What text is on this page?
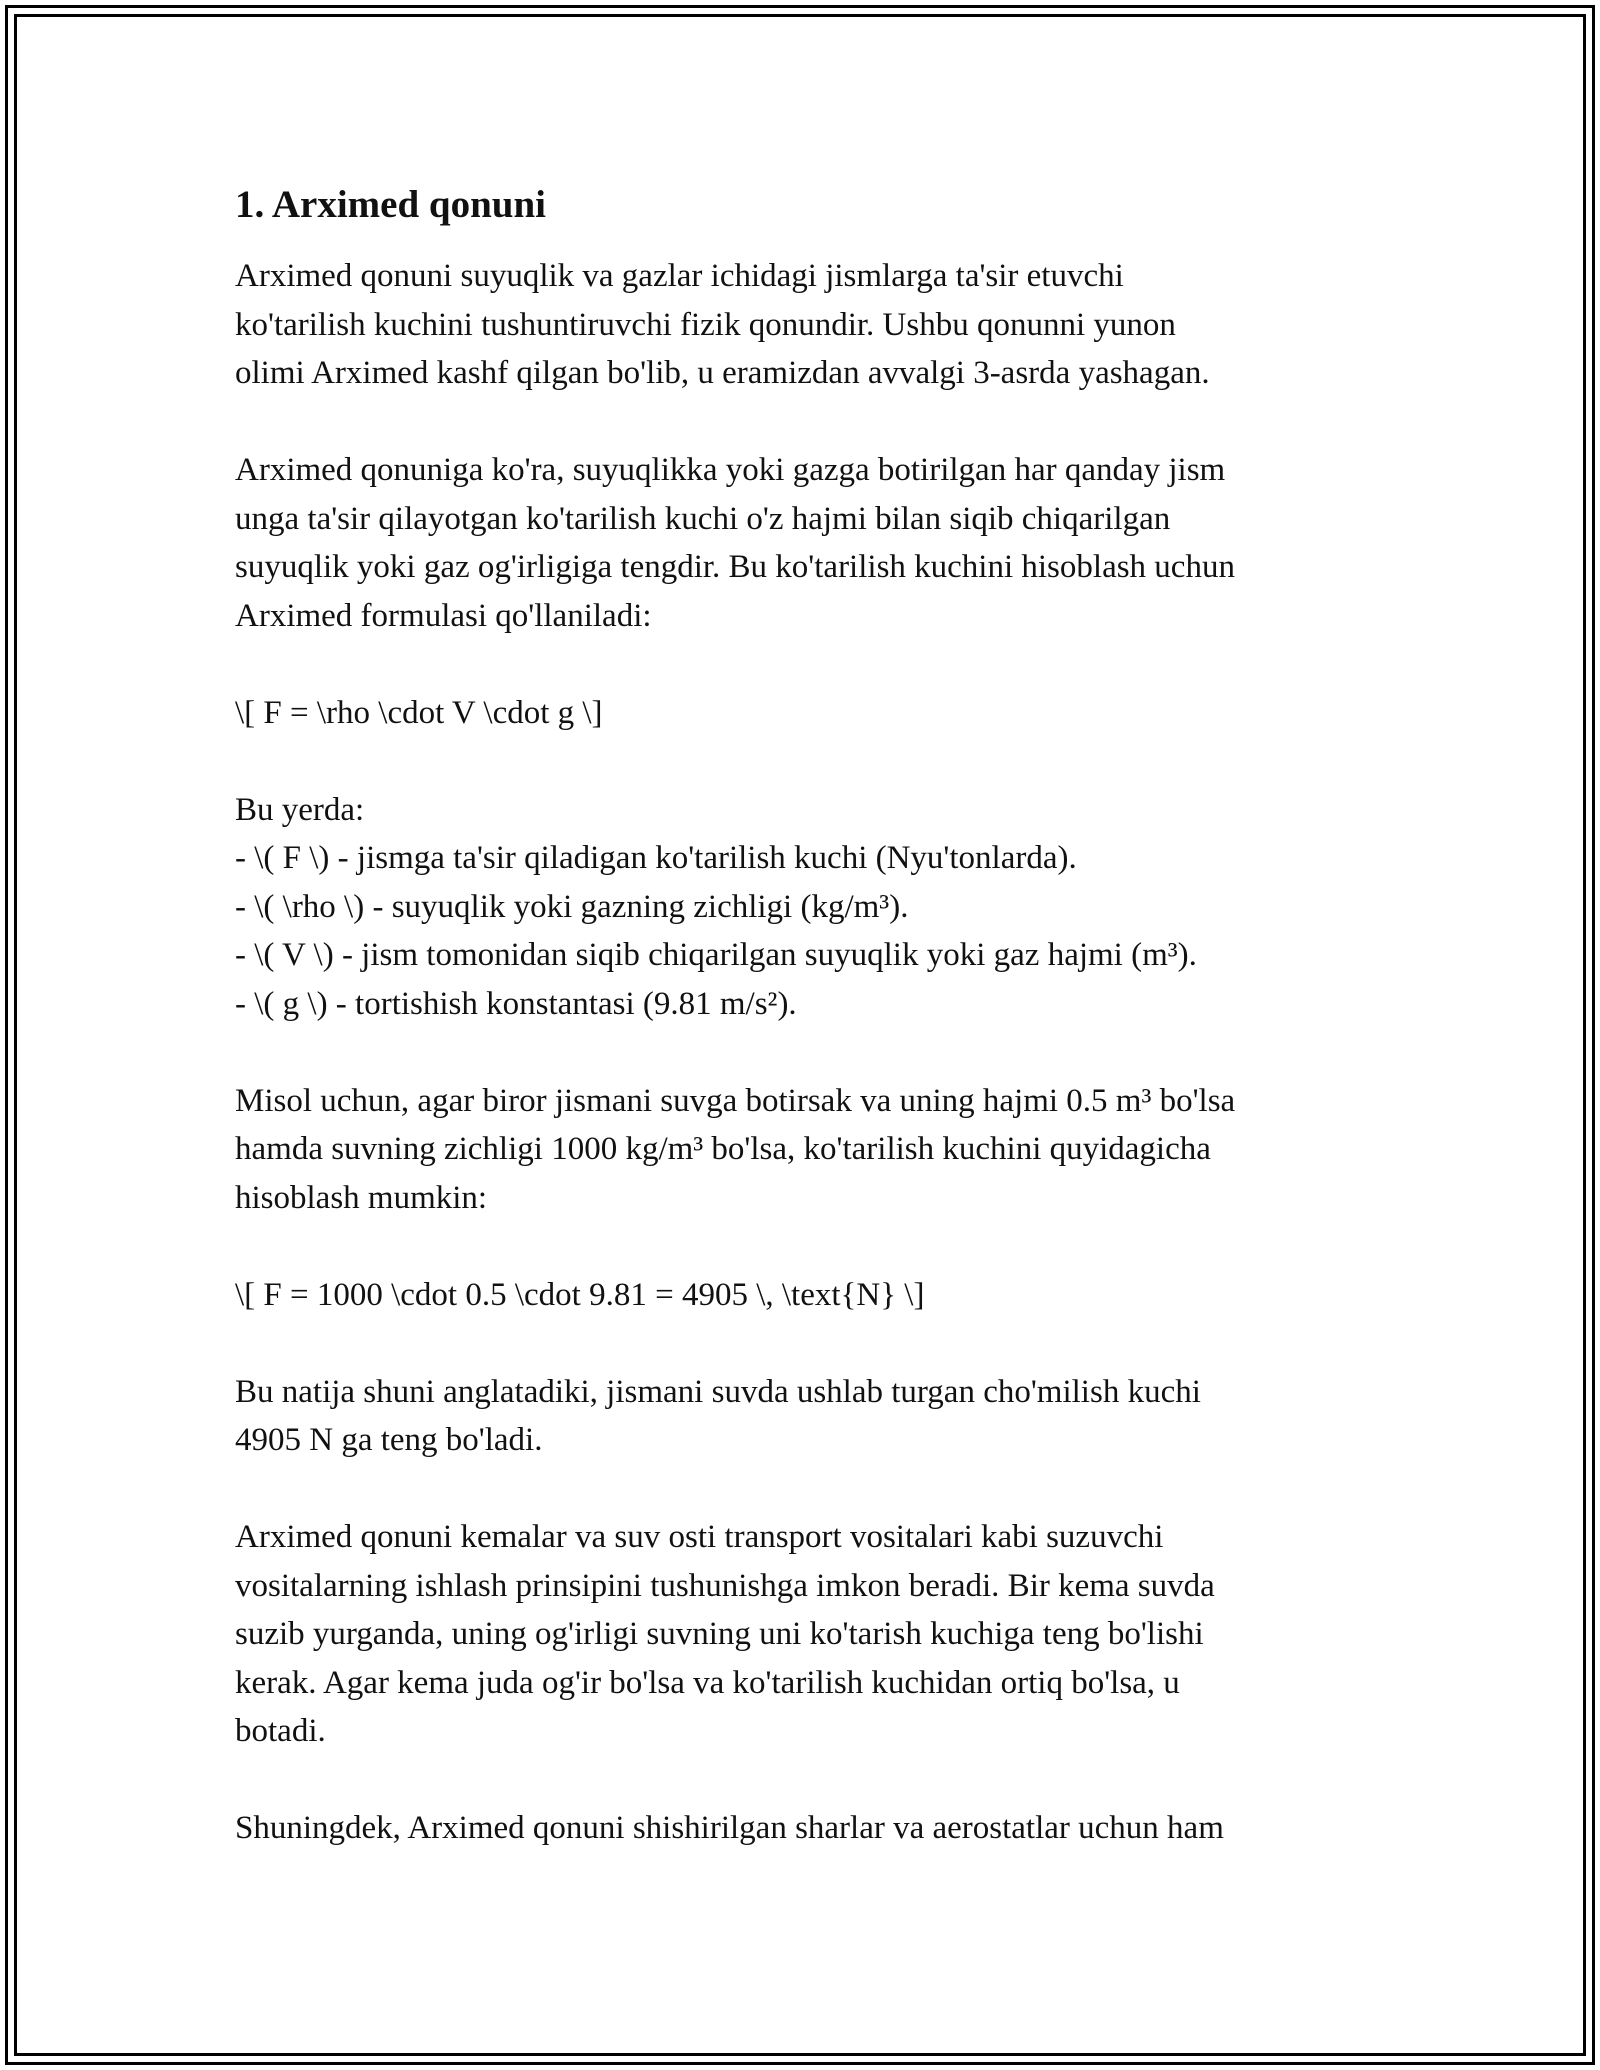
1. Arximed qonuni
Arximed qonuni suyuqlik va gazlar ichidagi jismlarga ta'sir etuvchi
ko'tarilish kuchini tushuntiruvchi fizik qonundir. Ushbu qonunni yunon
olimi Arximed kashf qilgan bo'lib, u eramizdan avvalgi 3-asrda yashagan.
Arximed qonuniga ko'ra, suyuqlikka yoki gazga botirilgan har qanday jism
unga ta'sir qilayotgan ko'tarilish kuchi o'z hajmi bilan siqib chiqarilgan
suyuqlik yoki gaz og'irligiga tengdir. Bu ko'tarilish kuchini hisoblash uchun
Arximed formulasi qo'llaniladi:
\[ F = \rho \cdot V \cdot g \]
Bu yerda:
- \( F \) - jismga ta'sir qiladigan ko'tarilish kuchi (Nyu'tonlarda).
- \( \rho \) - suyuqlik yoki gazning zichligi (kg/m³).
- \( V \) - jism tomonidan siqib chiqarilgan suyuqlik yoki gaz hajmi (m³).
- \( g \) - tortishish konstantasi (9.81 m/s²).
Misol uchun, agar biror jismani suvga botirsak va uning hajmi 0.5 m³ bo'lsa
hamda suvning zichligi 1000 kg/m³ bo'lsa, ko'tarilish kuchini quyidagicha
hisoblash mumkin:
\[ F = 1000 \cdot 0.5 \cdot 9.81 = 4905 \, \text{N} \]
Bu natija shuni anglatadiki, jismani suvda ushlab turgan cho'milish kuchi
4905 N ga teng bo'ladi.
Arximed qonuni kemalar va suv osti transport vositalari kabi suzuvchi
vositalarning ishlash prinsipini tushunishga imkon beradi. Bir kema suvda
suzib yurganda, uning og'irligi suvning uni ko'tarish kuchiga teng bo'lishi
kerak. Agar kema juda og'ir bo'lsa va ko'tarilish kuchidan ortiq bo'lsa, u
botadi.
Shuningdek, Arximed qonuni shishirilgan sharlar va aerostatlar uchun ham
